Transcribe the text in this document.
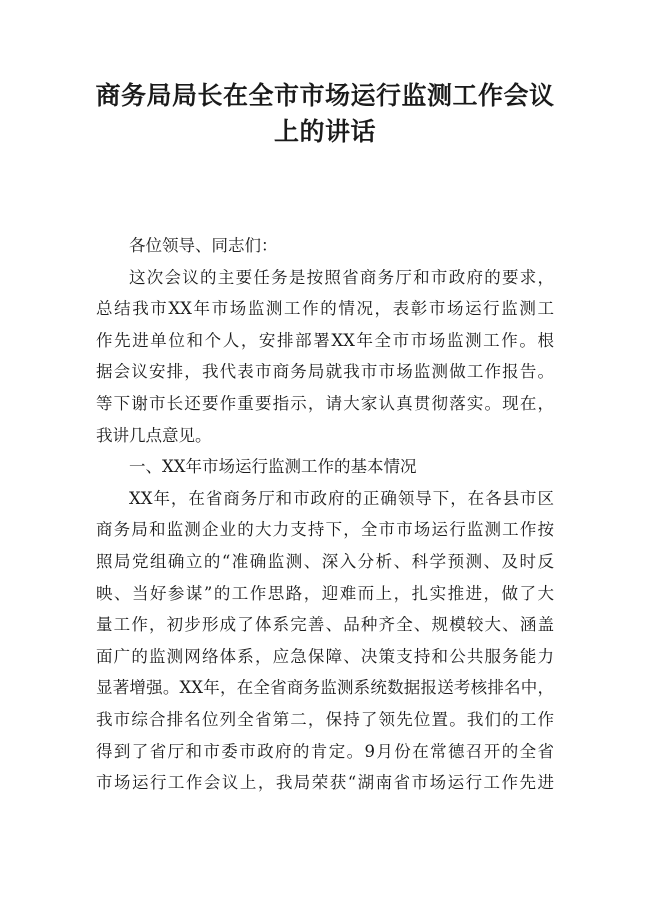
商务局局长在全市市场运行监测工作会议
上的讲话
各位领导、同志们：
这次会议的主要任务是按照省商务厅和市政府的要求，
总结我市XX年市场监测工作的情况，表彰市场运行监测工
作先进单位和个人，安排部署XX年全市市场监测工作。根
据会议安排，我代表市商务局就我市市场监测做工作报告。
等下谢市长还要作重要指示，请大家认真贯彻落实。现在，
我讲几点意见。
一、XX年市场运行监测工作的基本情况
XX年，在省商务厅和市政府的正确领导下，在各县市区
商务局和监测企业的大力支持下，全市市场运行监测工作按
照局党组确立的“准确监测、深入分析、科学预测、及时反
映、当好参谋”的工作思路，迎难而上，扎实推进，做了大
量工作，初步形成了体系完善、品种齐全、规模较大、涵盖
面广的监测网络体系，应急保障、决策支持和公共服务能力
显著增强。XX年，在全省商务监测系统数据报送考核排名中，
我市综合排名位列全省第二，保持了领先位置。我们的工作
得到了省厅和市委市政府的肯定。9月份在常德召开的全省
市场运行工作会议上，我局荣获“湖南省市场运行工作先进
